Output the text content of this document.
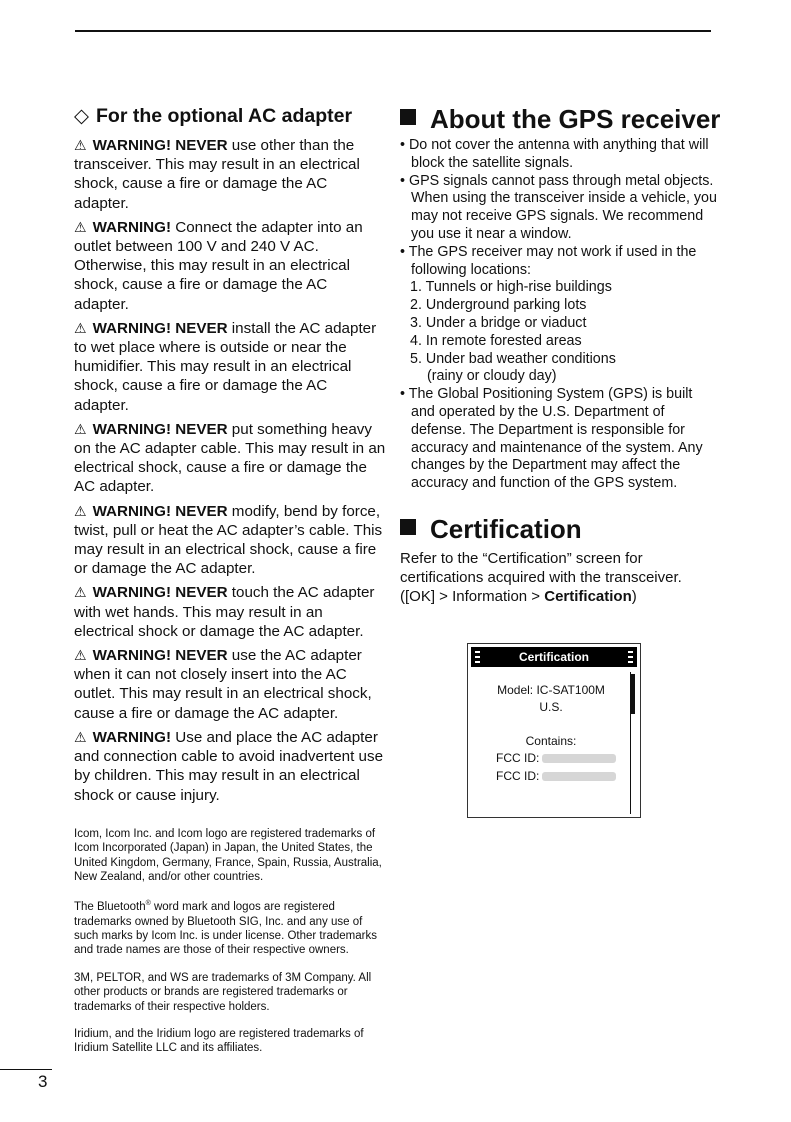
◇ For the optional AC adapter

⚠ WARNING! NEVER use other than the transceiver. This may result in an electrical shock, cause a fire or damage the AC adapter.

⚠ WARNING! Connect the adapter into an outlet between 100 V and 240 V AC. Otherwise, this may result in an electrical shock, cause a fire or damage the AC adapter.

⚠ WARNING! NEVER install the AC adapter to wet place where is outside or near the humidifier. This may result in an electrical shock, cause a fire or damage the AC adapter.

⚠ WARNING! NEVER put something heavy on the AC adapter cable. This may result in an electrical shock, cause a fire or damage the AC adapter.

⚠ WARNING! NEVER modify, bend by force, twist, pull or heat the AC adapter’s cable. This may result in an electrical shock, cause a fire or damage the AC adapter.

⚠ WARNING! NEVER touch the AC adapter with wet hands. This may result in an electrical shock or damage the AC adapter.

⚠ WARNING! NEVER use the AC adapter when it can not closely insert into the AC outlet. This may result in an electrical shock, cause a fire or damage the AC adapter.

⚠ WARNING! Use and place the AC adapter and connection cable to avoid inadvertent use by children. This may result in an electrical shock or cause injury.

Icom, Icom Inc. and Icom logo are registered trademarks of Icom Incorporated (Japan) in Japan, the United States, the United Kingdom, Germany, France, Spain, Russia, Australia, New Zealand, and/or other countries.

The Bluetooth® word mark and logos are registered trademarks owned by Bluetooth SIG, Inc. and any use of such marks by Icom Inc. is under license. Other trademarks and trade names are those of their respective owners.

3M, PELTOR, and WS are trademarks of 3M Company. All other products or brands are registered trademarks or trademarks of their respective holders.

Iridium, and the Iridium logo are registered trademarks of Iridium Satellite LLC and its affiliates.

About the GPS receiver

• Do not cover the antenna with anything that will block the satellite signals.

• GPS signals cannot pass through metal objects. When using the transceiver inside a vehicle, you may not receive GPS signals. We recommend you use it near a window.

• The GPS receiver may not work if used in the following locations:

1. Tunnels or high-rise buildings

2. Underground parking lots

3. Under a bridge or viaduct

4. In remote forested areas

5. Under bad weather conditions

(rainy or cloudy day)

• The Global Positioning System (GPS) is built and operated by the U.S. Department of defense. The Department is responsible for accuracy and maintenance of the system. Any changes by the Department may affect the accuracy and function of the GPS system.

Certification

Refer to the “Certification” screen for certifications acquired with the transceiver. ([OK] > Information > Certification)

Certification
Model: IC-SAT100M
U.S.
Contains:
FCC ID:
FCC ID:
3
